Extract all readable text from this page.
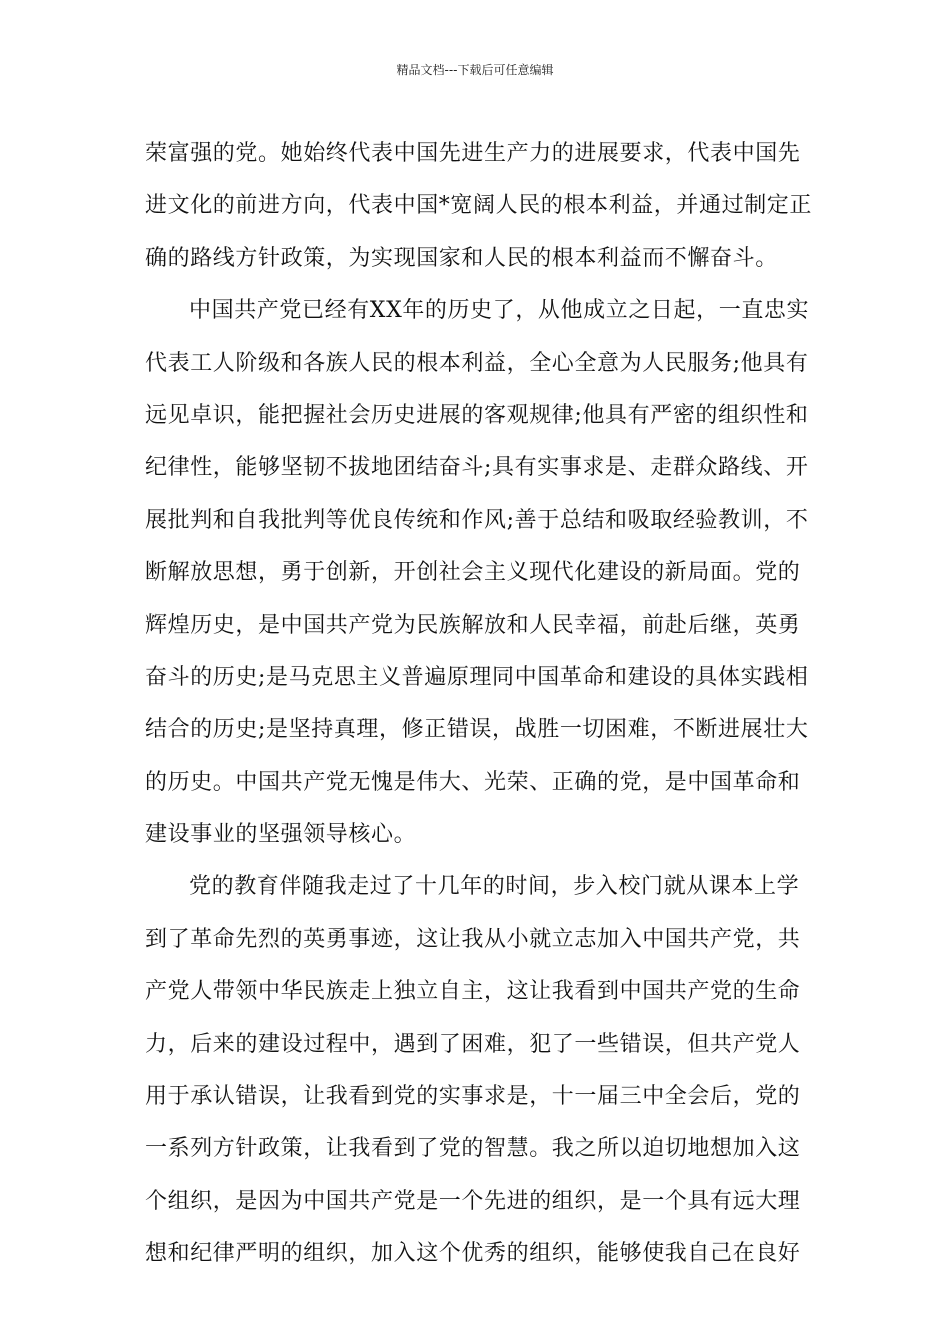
精品文档---下载后可任意编辑
荣富强的党。她始终代表中国先进生产力的进展要求，代表中国先
进文化的前进方向，代表中国*宽阔人民的根本利益，并通过制定正
确的路线方针政策，为实现国家和人民的根本利益而不懈奋斗。
中国共产党已经有XX年的历史了，从他成立之日起，一直忠实
代表工人阶级和各族人民的根本利益，全心全意为人民服务;他具有
远见卓识，能把握社会历史进展的客观规律;他具有严密的组织性和
纪律性，能够坚韧不拔地团结奋斗;具有实事求是、走群众路线、开
展批判和自我批判等优良传统和作风;善于总结和吸取经验教训，不
断解放思想，勇于创新，开创社会主义现代化建设的新局面。党的
辉煌历史，是中国共产党为民族解放和人民幸福，前赴后继，英勇
奋斗的历史;是马克思主义普遍原理同中国革命和建设的具体实践相
结合的历史;是坚持真理，修正错误，战胜一切困难，不断进展壮大
的历史。中国共产党无愧是伟大、光荣、正确的党，是中国革命和
建设事业的坚强领导核心。
党的教育伴随我走过了十几年的时间，步入校门就从课本上学
到了革命先烈的英勇事迹，这让我从小就立志加入中国共产党，共
产党人带领中华民族走上独立自主，这让我看到中国共产党的生命
力，后来的建设过程中，遇到了困难，犯了一些错误，但共产党人
用于承认错误，让我看到党的实事求是，十一届三中全会后，党的
一系列方针政策，让我看到了党的智慧。我之所以迫切地想加入这
个组织，是因为中国共产党是一个先进的组织，是一个具有远大理
想和纪律严明的组织，加入这个优秀的组织，能够使我自己在良好
